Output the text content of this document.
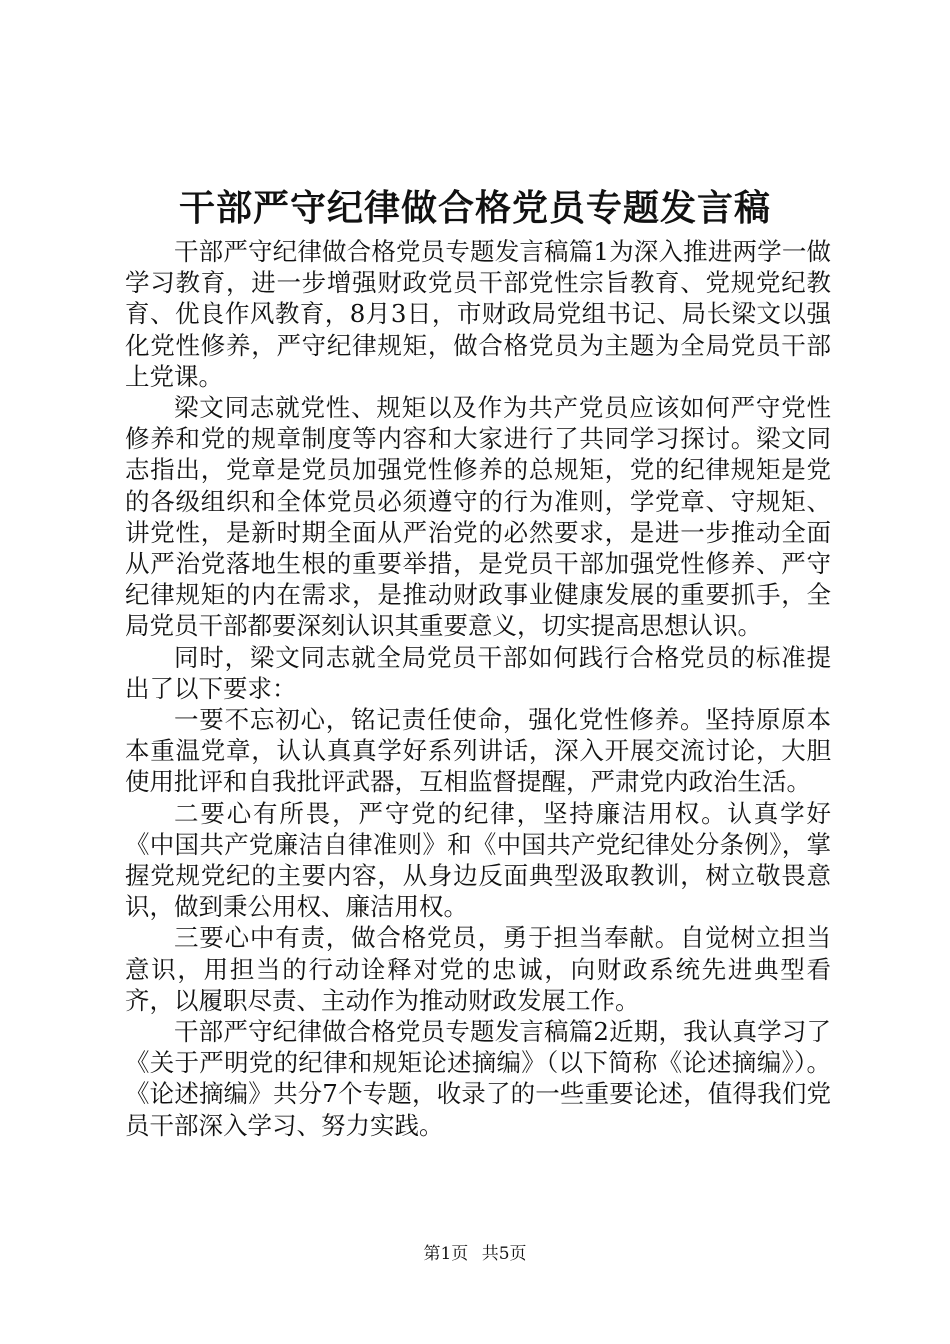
干部严守纪律做合格党员专题发言稿

干部严守纪律做合格党员专题发言稿篇1为深入推进两学一做学习教育，进一步增强财政党员干部党性宗旨教育、党规党纪教育、优良作风教育，8月3日，市财政局党组书记、局长梁文以强化党性修养，严守纪律规矩，做合格党员为主题为全局党员干部上党课。

梁文同志就党性、规矩以及作为共产党员应该如何严守党性修养和党的规章制度等内容和大家进行了共同学习探讨。梁文同志指出，党章是党员加强党性修养的总规矩，党的纪律规矩是党的各级组织和全体党员必须遵守的行为准则，学党章、守规矩、讲党性，是新时期全面从严治党的必然要求，是进一步推动全面从严治党落地生根的重要举措，是党员干部加强党性修养、严守纪律规矩的内在需求，是推动财政事业健康发展的重要抓手，全局党员干部都要深刻认识其重要意义，切实提高思想认识。

同时，梁文同志就全局党员干部如何践行合格党员的标准提出了以下要求：

一要不忘初心，铭记责任使命，强化党性修养。坚持原原本本重温党章，认认真真学好系列讲话，深入开展交流讨论，大胆使用批评和自我批评武器，互相监督提醒，严肃党内政治生活。

二要心有所畏，严守党的纪律，坚持廉洁用权。认真学好《中国共产党廉洁自律准则》和《中国共产党纪律处分条例》，掌握党规党纪的主要内容，从身边反面典型汲取教训，树立敬畏意识，做到秉公用权、廉洁用权。

三要心中有责，做合格党员，勇于担当奉献。自觉树立担当意识，用担当的行动诠释对党的忠诚，向财政系统先进典型看齐，以履职尽责、主动作为推动财政发展工作。

干部严守纪律做合格党员专题发言稿篇2近期，我认真学习了《关于严明党的纪律和规矩论述摘编》（以下简称《论述摘编》）。《论述摘编》共分7个专题，收录了的一些重要论述，值得我们党员干部深入学习、努力实践。

第1页 共5页
